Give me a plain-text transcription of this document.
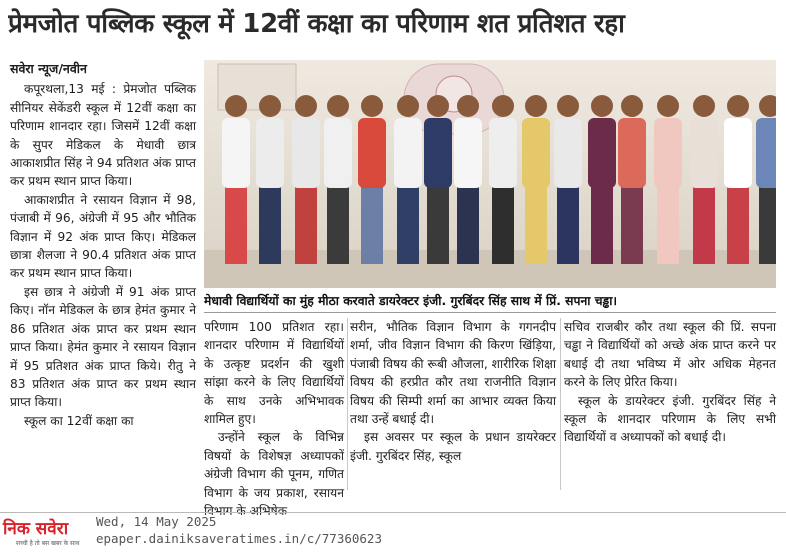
प्रेमजोत पब्लिक स्कूल में 12वीं कक्षा का परिणाम शत प्रतिशत रहा

सवेरा न्यूज/नवीन

कपूरथला,13 मई : प्रेमजोत पब्लिक सीनियर सेकेंडरी स्कूल में 12वीं कक्षा का परिणाम शानदार रहा। जिसमें 12वीं कक्षा के सुपर मेडिकल के मेधावी छात्र आकाशप्रीत सिंह ने 94 प्रतिशत अंक प्राप्त कर प्रथम स्थान प्राप्त किया।

आकाशप्रीत ने रसायन विज्ञान में 98, पंजाबी में 96, अंग्रेजी में 95 और भौतिक विज्ञान में 92 अंक प्राप्त किए। मेडिकल छात्रा शैलजा ने 90.4 प्रतिशत अंक प्राप्त कर प्रथम स्थान प्राप्त किया।

इस छात्र ने अंग्रेजी में 91 अंक प्राप्त किए। नॉन मेडिकल के छात्र हेमंत कुमार ने 86 प्रतिशत अंक प्राप्त कर प्रथम स्थान प्राप्त किया। हेमंत कुमार ने रसायन विज्ञान में 95 प्रतिशत अंक प्राप्त किये। रीतु ने 83 प्रतिशत अंक प्राप्त कर प्रथम स्थान प्राप्त किया।

स्कूल का 12वीं कक्षा का

मेधावी विद्यार्थियों का मुंह मीठा करवाते डायरेक्टर इंजी. गुरबिंदर सिंह साथ में प्रिं. सपना चड्ढा।

परिणाम 100 प्रतिशत रहा। शानदार परिणाम में विद्यार्थियों के उत्कृष्ट प्रदर्शन की खुशी सांझा करने के लिए विद्यार्थियों के साथ उनके अभिभावक शामिल हुए।

उन्होंने स्कूल के विभिन्न विषयों के विशेषज्ञ अध्यापकों अंग्रेजी विभाग की पूनम, गणित विभाग के जय प्रकाश, रसायन विभाग के अभिषेक

सरीन, भौतिक विज्ञान विभाग के गगनदीप शर्मा, जीव विज्ञान विभाग की किरण खिंड़िया, पंजाबी विषय की रूबी औजला, शारीरिक शिक्षा विषय की हरप्रीत कौर तथा राजनीति विज्ञान विषय की सिम्पी शर्मा का आभार व्यक्त किया तथा उन्हें बधाई दी।

इस अवसर पर स्कूल के प्रधान डायरेक्टर इंजी. गुरबिंदर सिंह, स्कूल

सचिव राजबीर कौर तथा स्कूल की प्रिं. सपना चड्ढा ने विद्यार्थियों को अच्छे अंक प्राप्त करने पर बधाई दी तथा भविष्य में ओर अधिक मेहनत करने के लिए प्रेरित किया।

स्कूल के डायरेक्टर इंजी. गुरबिंदर सिंह ने स्कूल के शानदार परिणाम के लिए सभी विद्यार्थियों व अध्यापकों को बधाई दी।

निक सवेरा
सच्ची है तो बस खबर के साथ
Wed, 14 May 2025
epaper.dainiksaveratimes.in/c/77360623
